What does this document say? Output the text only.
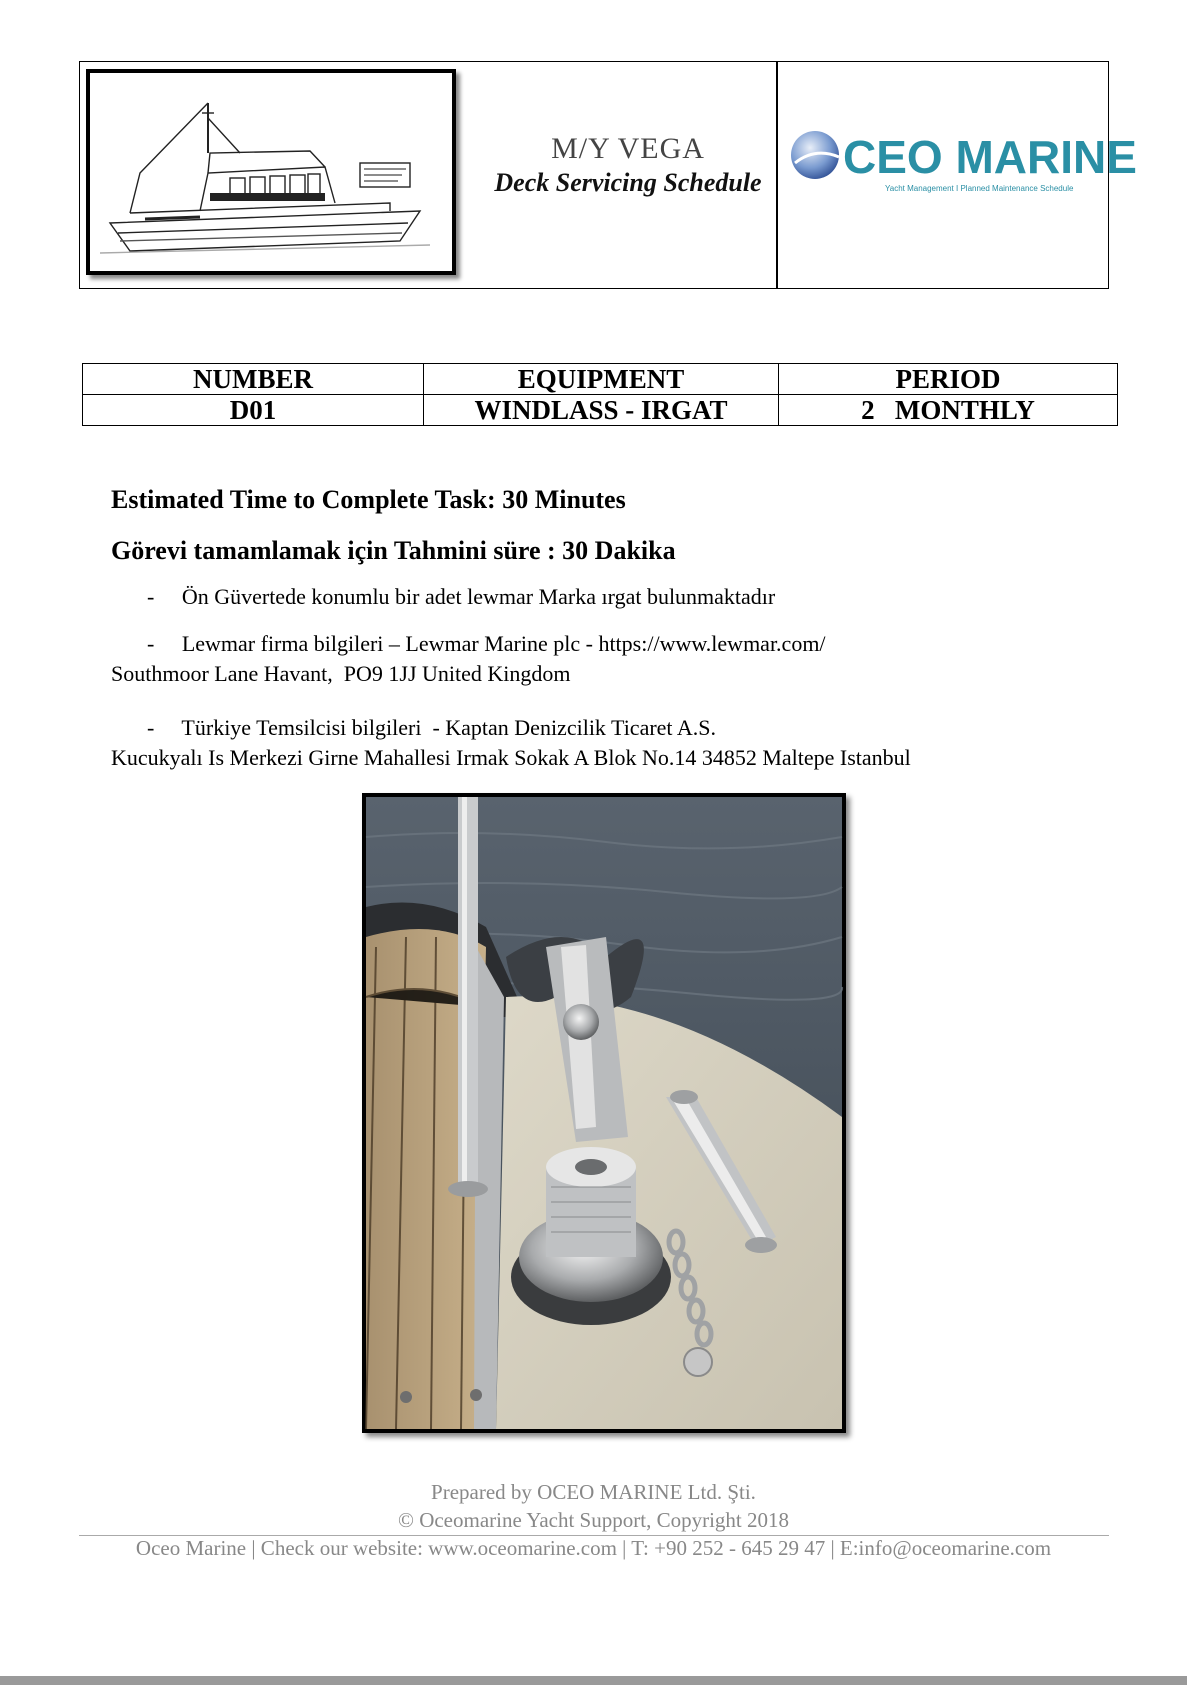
M/Y VEGA
Deck Servicing Schedule	CEO MARINE
Yacht Management I Planned Maintenance Schedule
NUMBER	EQUIPMENT	PERIOD
D01	WINDLASS - IRGAT	2   MONTHLY
Estimated Time to Complete Task: 30 Minutes
Görevi tamamlamak için Tahmini süre : 30 Dakika
-     Ön Güvertede konumlu bir adet lewmar Marka ırgat bulunmaktadır
-     Lewmar firma bilgileri – Lewmar Marine plc - https://www.lewmar.com/
Southmoor Lane Havant,  PO9 1JJ United Kingdom
-     Türkiye Temsilcisi bilgileri  - Kaptan Denizcilik Ticaret A.S.
Kucukyalı Is Merkezi Girne Mahallesi Irmak Sokak A Blok No.14 34852 Maltepe Istanbul
Prepared by OCEO MARINE Ltd. Şti.
© Oceomarine Yacht Support, Copyright 2018
Oceo Marine | Check our website: www.oceomarine.com | T: +90 252 - 645 29 47 | E:info@oceomarine.com
